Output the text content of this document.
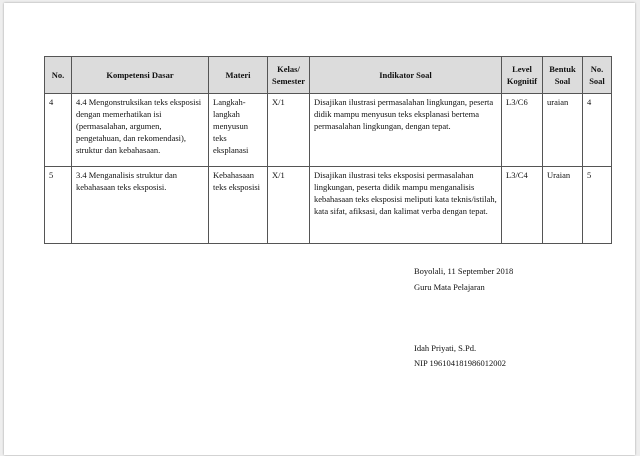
No.	Kompetensi Dasar	Materi	Kelas/ Semester	Indikator Soal	Level Kognitif	Bentuk Soal	No. Soal
4	4.4 Mengonstruksikan teks eksposisi dengan memerhatikan isi (permasalahan, argumen, pengetahuan, dan rekomendasi), struktur dan kebahasaan.	Langkah-langkah menyusun teks eksplanasi	X/1	Disajikan ilustrasi permasalahan lingkungan, peserta didik mampu menyusun teks eksplanasi bertema permasalahan lingkungan, dengan tepat.	L3/C6	uraian	4
5	3.4 Menganalisis struktur dan kebahasaan teks eksposisi.	Kebahasaan teks eksposisi	X/1	Disajikan ilustrasi teks eksposisi permasalahan lingkungan, peserta didik mampu menganalisis kebahasaan teks eksposisi meliputi kata teknis/istilah, kata sifat, afiksasi, dan kalimat verba dengan tepat.	L3/C4	Uraian	5
Boyolali, 11 September 2018
Guru Mata Pelajaran
Idah Priyati, S.Pd.
NIP 196104181986012002
